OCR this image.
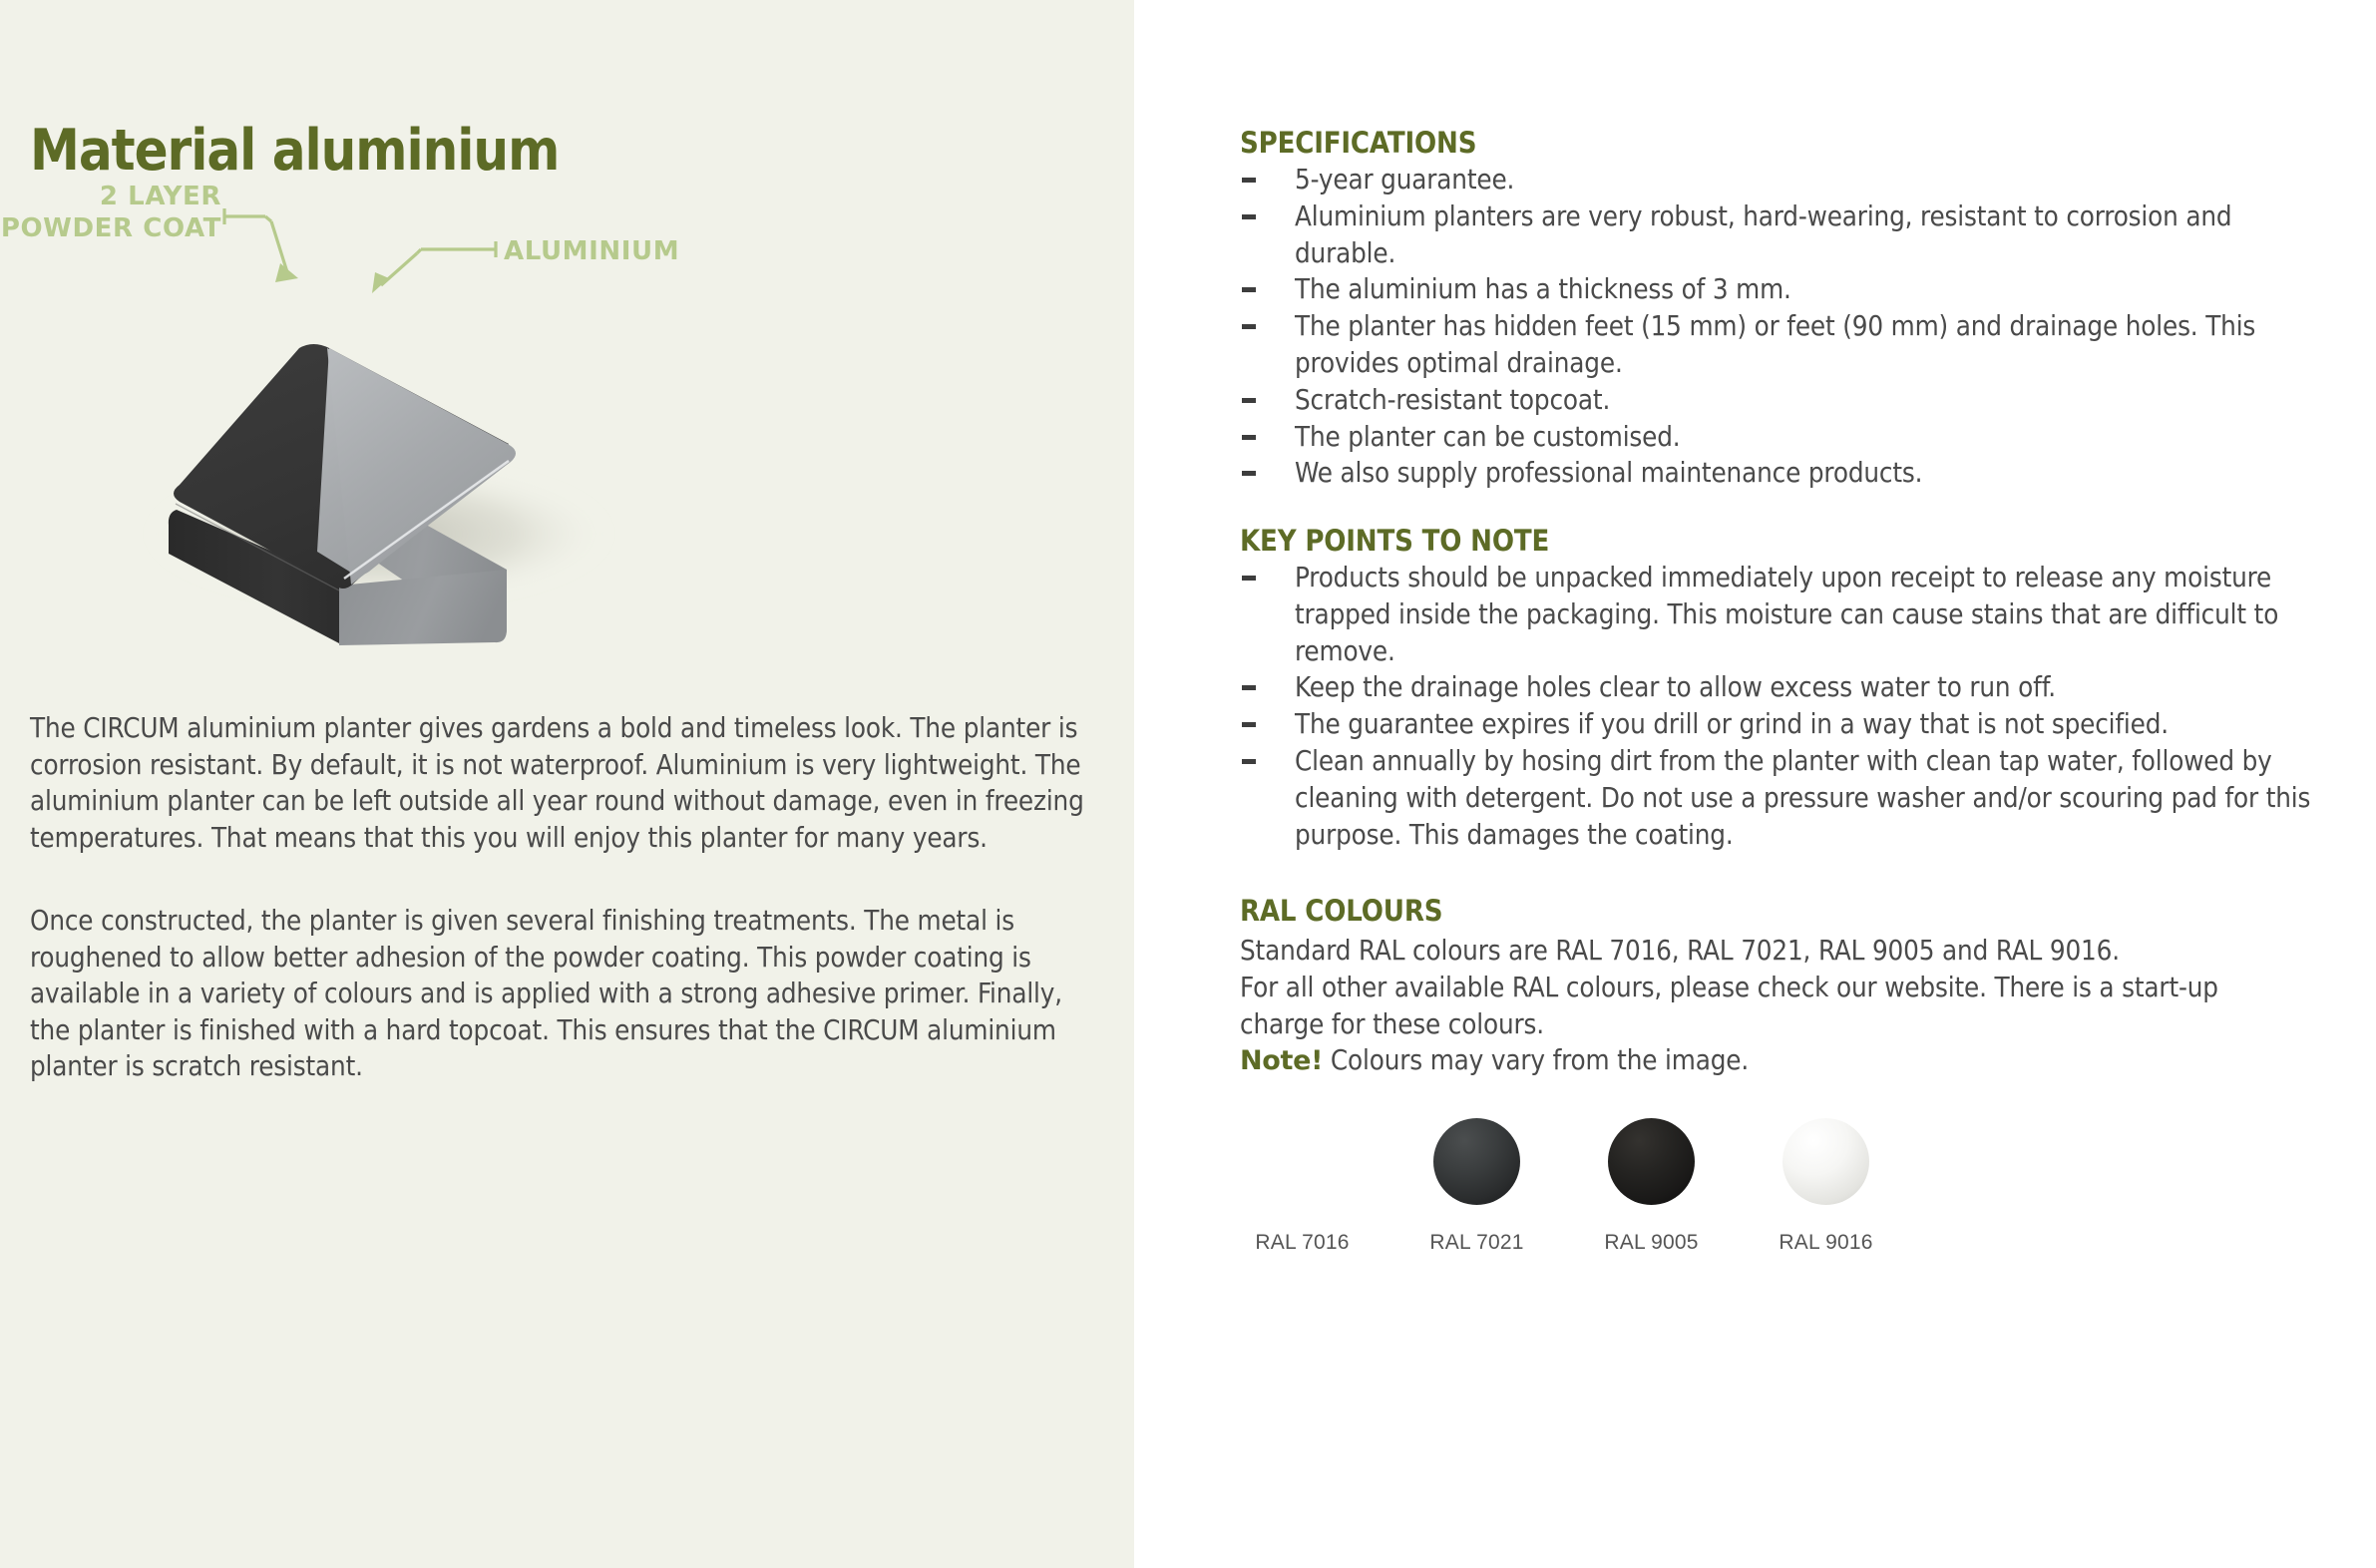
Material aluminium
2 LAYER
POWDER COAT
ALUMINIUM

The CIRCUM aluminium planter gives gardens a bold and timeless look. The planter is corrosion resistant. By default, it is not waterproof. Aluminium is very lightweight. The aluminium planter can be left outside all year round without damage, even in freezing temperatures. That means that this you will enjoy this planter for many years.

Once constructed, the planter is given several finishing treatments. The metal is roughened to allow better adhesion of the powder coating. This powder coating is available in a variety of colours and is applied with a strong adhesive primer. Finally, the planter is finished with a hard topcoat. This ensures that the CIRCUM aluminium planter is scratch resistant.

SPECIFICATIONS
5-year guarantee.
Aluminium planters are very robust, hard-wearing, resistant to corrosion and durable.
The aluminium has a thickness of 3 mm.
The planter has hidden feet (15 mm) or feet (90 mm) and drainage holes. This provides optimal drainage.
Scratch-resistant topcoat.
The planter can be customised.
We also supply professional maintenance products.
KEY POINTS TO NOTE
Products should be unpacked immediately upon receipt to release any moisture trapped inside the packaging. This moisture can cause stains that are difficult to remove.
Keep the drainage holes clear to allow excess water to run off.
The guarantee expires if you drill or grind in a way that is not specified.
Clean annually by hosing dirt from the planter with clean tap water, followed by cleaning with detergent. Do not use a pressure washer and/or scouring pad for this purpose. This damages the coating.
RAL COLOURS
Standard RAL colours are RAL 7016, RAL 7021, RAL 9005 and RAL 9016.
For all other available RAL colours, please check our website. There is a start-up charge for these colours.
Note! Colours may vary from the image.
RAL 7016	RAL 7021	RAL 9005	RAL 9016
